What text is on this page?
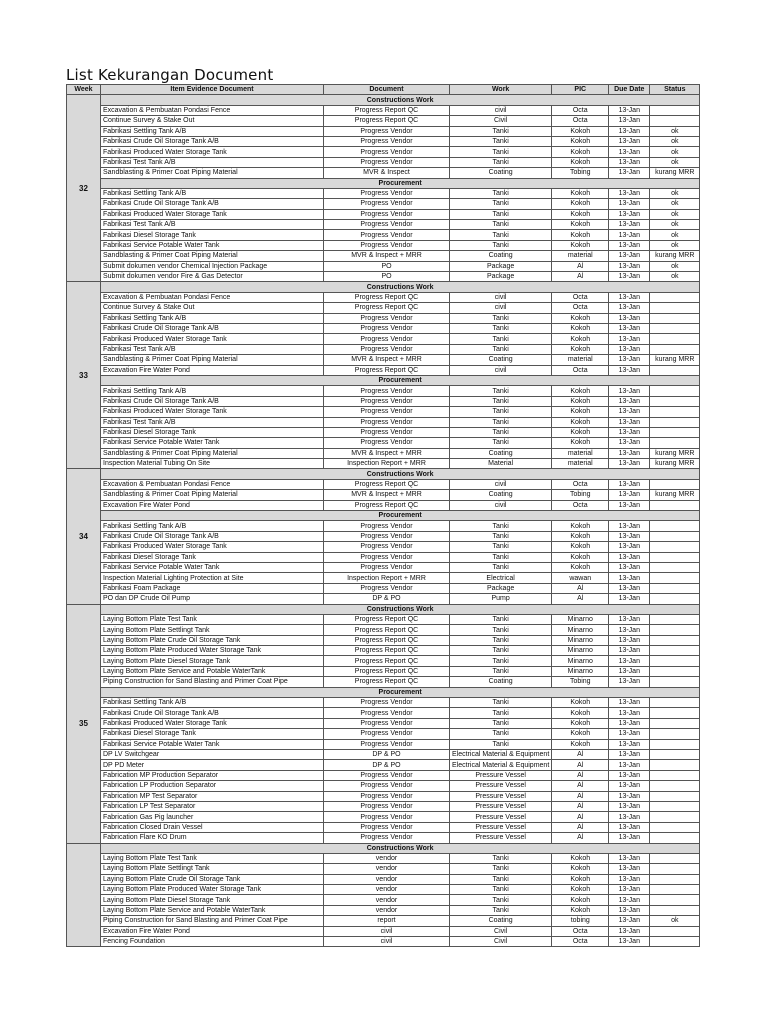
List Kekurangan Document
Week	Item Evidence Document	Document	Work	PIC	Due Date	Status
32	Constructions Work					
	Excavation & Pembuatan Pondasi Fence	Progress Report QC	civil	Octa	13-Jan	
	Continue Survey & Stake Out	Progress Report QC	Civil	Octa	13-Jan	
	Fabrikasi Settling Tank A/B	Progress Vendor	Tanki	Kokoh	13-Jan	ok
	Fabrikasi Crude Oil Storage Tank A/B	Progress Vendor	Tanki	Kokoh	13-Jan	ok
	Fabrikasi Produced Water Storage Tank	Progress Vendor	Tanki	Kokoh	13-Jan	ok
	Fabrikasi Test Tank A/B	Progress Vendor	Tanki	Kokoh	13-Jan	ok
	Sandblasting & Primer Coat Piping Material	MVR & Inspect	Coating	Tobing	13-Jan	kurang MRR
	Procurement					
	Fabrikasi Settling Tank A/B	Progress Vendor	Tanki	Kokoh	13-Jan	ok
	Fabrikasi Crude Oil Storage Tank A/B	Progress Vendor	Tanki	Kokoh	13-Jan	ok
	Fabrikasi Produced Water Storage Tank	Progress Vendor	Tanki	Kokoh	13-Jan	ok
	Fabrikasi Test Tank A/B	Progress Vendor	Tanki	Kokoh	13-Jan	ok
	Fabrikasi Diesel Storage Tank	Progress Vendor	Tanki	Kokoh	13-Jan	ok
	Fabrikasi Service Potable Water Tank	Progress Vendor	Tanki	Kokoh	13-Jan	ok
	Sandblasting & Primer Coat Piping Material	MVR & Inspect + MRR	Coating	material	13-Jan	kurang MRR
	Submit dokumen vendor Chemical Injection Package	PO	Package	Al	13-Jan	ok
	Submit dokumen vendor Fire & Gas Detector	PO	Package	Al	13-Jan	ok
33	Constructions Work					
	Excavation & Pembuatan Pondasi Fence	Progress Report QC	civil	Octa	13-Jan	
	Continue Survey & Stake Out	Progress Report QC	civil	Octa	13-Jan	
	Fabrikasi Settling Tank A/B	Progress Vendor	Tanki	Kokoh	13-Jan	
	Fabrikasi Crude Oil Storage Tank A/B	Progress Vendor	Tanki	Kokoh	13-Jan	
	Fabrikasi Produced Water Storage Tank	Progress Vendor	Tanki	Kokoh	13-Jan	
	Fabrikasi Test Tank A/B	Progress Vendor	Tanki	Kokoh	13-Jan	
	Sandblasting & Primer Coat Piping Material	MVR & Inspect + MRR	Coating	material	13-Jan	kurang MRR
	Excavation Fire Water Pond	Progress Report QC	civil	Octa	13-Jan	
	Procurement					
	Fabrikasi Settling Tank A/B	Progress Vendor	Tanki	Kokoh	13-Jan	
	Fabrikasi Crude Oil Storage Tank A/B	Progress Vendor	Tanki	Kokoh	13-Jan	
	Fabrikasi Produced Water Storage Tank	Progress Vendor	Tanki	Kokoh	13-Jan	
	Fabrikasi Test Tank A/B	Progress Vendor	Tanki	Kokoh	13-Jan	
	Fabrikasi Diesel Storage Tank	Progress Vendor	Tanki	Kokoh	13-Jan	
	Fabrikasi Service Potable Water Tank	Progress Vendor	Tanki	Kokoh	13-Jan	
	Sandblasting & Primer Coat Piping Material	MVR & Inspect + MRR	Coating	material	13-Jan	kurang MRR
	Inspection Material Tubing On Site	Inspection Report + MRR	Material	material	13-Jan	kurang MRR
34	Constructions Work					
	Excavation & Pembuatan Pondasi Fence	Progress Report QC	civil	Octa	13-Jan	
	Sandblasting & Primer Coat Piping Material	MVR & Inspect + MRR	Coating	Tobing	13-Jan	kurang MRR
	Excavation Fire Water Pond	Progress Report QC	civil	Octa	13-Jan	
	Procurement					
	Fabrikasi Settling Tank A/B	Progress Vendor	Tanki	Kokoh	13-Jan	
	Fabrikasi Crude Oil Storage Tank A/B	Progress Vendor	Tanki	Kokoh	13-Jan	
	Fabrikasi Produced Water Storage Tank	Progress Vendor	Tanki	Kokoh	13-Jan	
	Fabrikasi Diesel Storage Tank	Progress Vendor	Tanki	Kokoh	13-Jan	
	Fabrikasi Service Potable Water Tank	Progress Vendor	Tanki	Kokoh	13-Jan	
	Inspection Material Lighting Protection at Site	Inspection Report + MRR	Electrical	wawan	13-Jan	
	Fabrikasi Foam Package	Progress Vendor	Package	Al	13-Jan	
	PO dan DP Crude Oil Pump	DP & PO	Pump	Al	13-Jan	
35	Constructions Work					
	Laying Bottom Plate Test Tank	Progress Report QC	Tanki	Minarno	13-Jan	
	Laying Bottom Plate Settlingt Tank	Progress Report QC	Tanki	Minarno	13-Jan	
	Laying Bottom Plate Crude Oil Storage Tank	Progress Report QC	Tanki	Minarno	13-Jan	
	Laying Bottom Plate Produced Water Storage Tank	Progress Report QC	Tanki	Minarno	13-Jan	
	Laying Bottom Plate Diesel Storage Tank	Progress Report QC	Tanki	Minarno	13-Jan	
	Laying Bottom Plate Service and Potable WaterTank	Progress Report QC	Tanki	Minarno	13-Jan	
	Piping Construction for Sand Blasting and Primer Coat Pipe	Progress Report QC	Coating	Tobing	13-Jan	
	Procurement					
	Fabrikasi Settling Tank A/B	Progress Vendor	Tanki	Kokoh	13-Jan	
	Fabrikasi Crude Oil Storage Tank A/B	Progress Vendor	Tanki	Kokoh	13-Jan	
	Fabrikasi Produced Water Storage Tank	Progress Vendor	Tanki	Kokoh	13-Jan	
	Fabrikasi Diesel Storage Tank	Progress Vendor	Tanki	Kokoh	13-Jan	
	Fabrikasi Service Potable Water Tank	Progress Vendor	Tanki	Kokoh	13-Jan	
	DP LV Switchgear	DP & PO	Electrical Material & Equipment	Al	13-Jan	
	DP PD Meter	DP & PO	Electrical Material & Equipment	Al	13-Jan	
	Fabrication MP Production Separator	Progress Vendor	Pressure Vessel	Al	13-Jan	
	Fabrication LP Production Separator	Progress Vendor	Pressure Vessel	Al	13-Jan	
	Fabrication MP Test Separator	Progress Vendor	Pressure Vessel	Al	13-Jan	
	Fabrication LP Test Separator	Progress Vendor	Pressure Vessel	Al	13-Jan	
	Fabrication Gas Pig launcher	Progress Vendor	Pressure Vessel	Al	13-Jan	
	Fabrication Closed Drain Vessel	Progress Vendor	Pressure Vessel	Al	13-Jan	
	Fabrication Flare KO Drum	Progress Vendor	Pressure Vessel	Al	13-Jan	
	Constructions Work					
	Laying Bottom Plate Test Tank	vendor	Tanki	Kokoh	13-Jan	
	Laying Bottom Plate Settlingt Tank	vendor	Tanki	Kokoh	13-Jan	
	Laying Bottom Plate Crude Oil Storage Tank	vendor	Tanki	Kokoh	13-Jan	
	Laying Bottom Plate Produced Water Storage Tank	vendor	Tanki	Kokoh	13-Jan	
	Laying Bottom Plate Diesel Storage Tank	vendor	Tanki	Kokoh	13-Jan	
	Laying Bottom Plate Service and Potable WaterTank	vendor	Tanki	Kokoh	13-Jan	
	Piping Construction for Sand Blasting and Primer Coat Pipe	report	Coating	tobing	13-Jan	ok
	Excavation Fire Water Pond	civil	Civil	Octa	13-Jan	
	Fencing Foundation	civil	Civil	Octa	13-Jan	
